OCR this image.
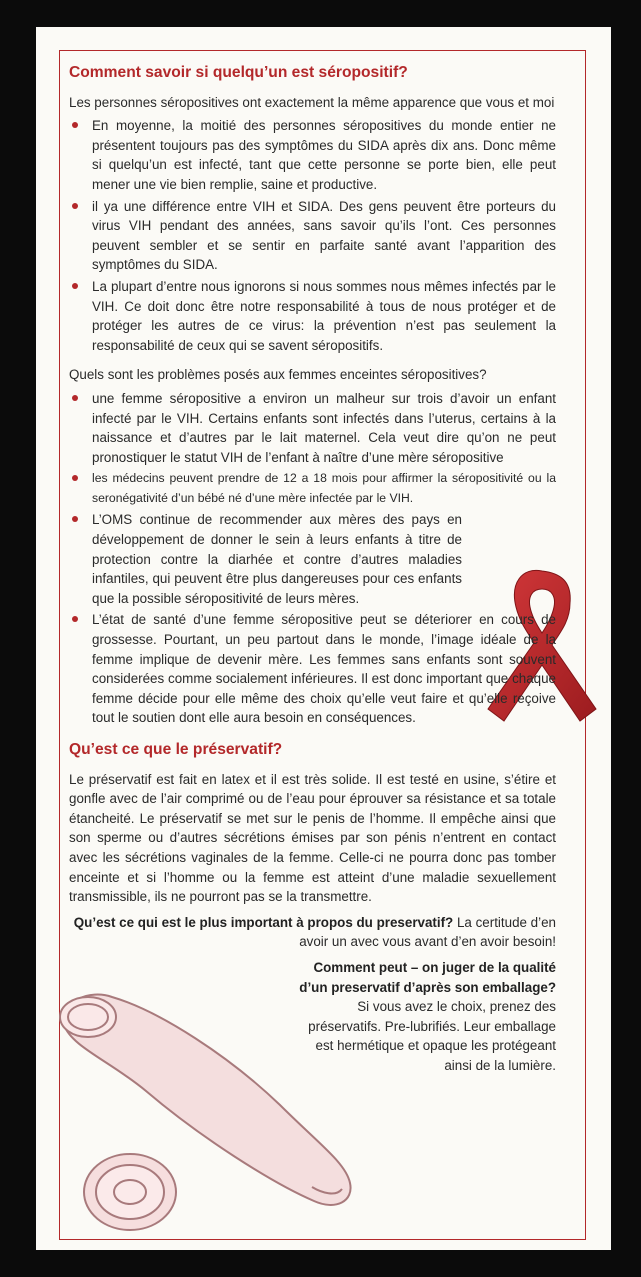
Comment savoir si quelqu’un est séropositif?

Les personnes séropositives ont exactement la même apparence que vous et moi

En moyenne, la moitié des personnes séropositives du monde entier ne présentent toujours pas des symptômes du SIDA après dix ans. Donc même si quelqu’un est infecté, tant que cette personne se porte bien, elle peut mener une vie bien remplie, saine et productive.
il ya une différence entre VIH et SIDA. Des gens peuvent être porteurs du virus VIH pendant des années, sans savoir qu’ils l’ont. Ces personnes peuvent sembler et se sentir en parfaite santé avant l’apparition des symptômes du SIDA.
La plupart d’entre nous ignorons si nous sommes nous mêmes infectés par le VIH. Ce doit donc être notre responsabilité à tous de nous protéger et de protéger les autres de ce virus: la prévention n’est pas seulement la responsabilité de ceux qui se savent séropositifs.

Quels sont les problèmes posés aux femmes enceintes séropositives?

une femme séropositive a environ un malheur sur trois d’avoir un enfant infecté par le VIH. Certains enfants sont infectés dans l’uterus, certains à la naissance et d’autres par le lait maternel. Cela veut dire qu’on ne peut pronostiquer le statut VIH de l’enfant à naître d’une mère séropositive
les médecins peuvent prendre de 12 a 18 mois pour affirmer la séropositivité ou la seronégativité d’un bébé né d’une mère infectée par le VIH.
L’OMS continue de recommender aux mères des pays en développement de donner le sein à leurs enfants à titre de protection contre la diarhée et contre d’autres maladies infantiles, qui peuvent être plus dangereuses pour ces enfants que la possible séropositivité de leurs mères.
L’état de santé d’une femme séropositive peut se déteriorer en cours de grossesse. Pourtant, un peu partout dans le monde, l’image idéale de la femme implique de devenir mère. Les femmes sans enfants sont souvent considerées comme socialement inférieures. Il est donc important que chaque femme décide pour elle même des choix qu’elle veut faire et qu’elle reçoive tout le soutien dont elle aura besoin en conséquences.
Qu’est ce que le préservatif?

Le préservatif est fait en latex et il est très solide. Il est testé en usine, s’étire et gonfle avec de l’air comprimé ou de l’eau pour éprouver sa résistance et sa totale étancheité. Le préservatif se met sur le penis de l’homme. Il empêche ainsi que son sperme ou d’autres sécrétions émises par son pénis n’entrent en contact avec les sécrétions vaginales de la femme. Celle-ci ne pourra donc pas tomber enceinte et si l’homme ou la femme est atteint d’une maladie sexuellement transmissible, ils ne pourront pas se la transmettre.

Qu’est ce qui est le plus important à propos du preservatif? La certitude d’en avoir un avec vous avant d’en avoir besoin!

Comment peut – on juger de la qualité d’un preservatif d’après son emballage? Si vous avez le choix, prenez des préservatifs. Pre-lubrifiés. Leur emballage est hermétique et opaque les protégeant ainsi de la lumière.
